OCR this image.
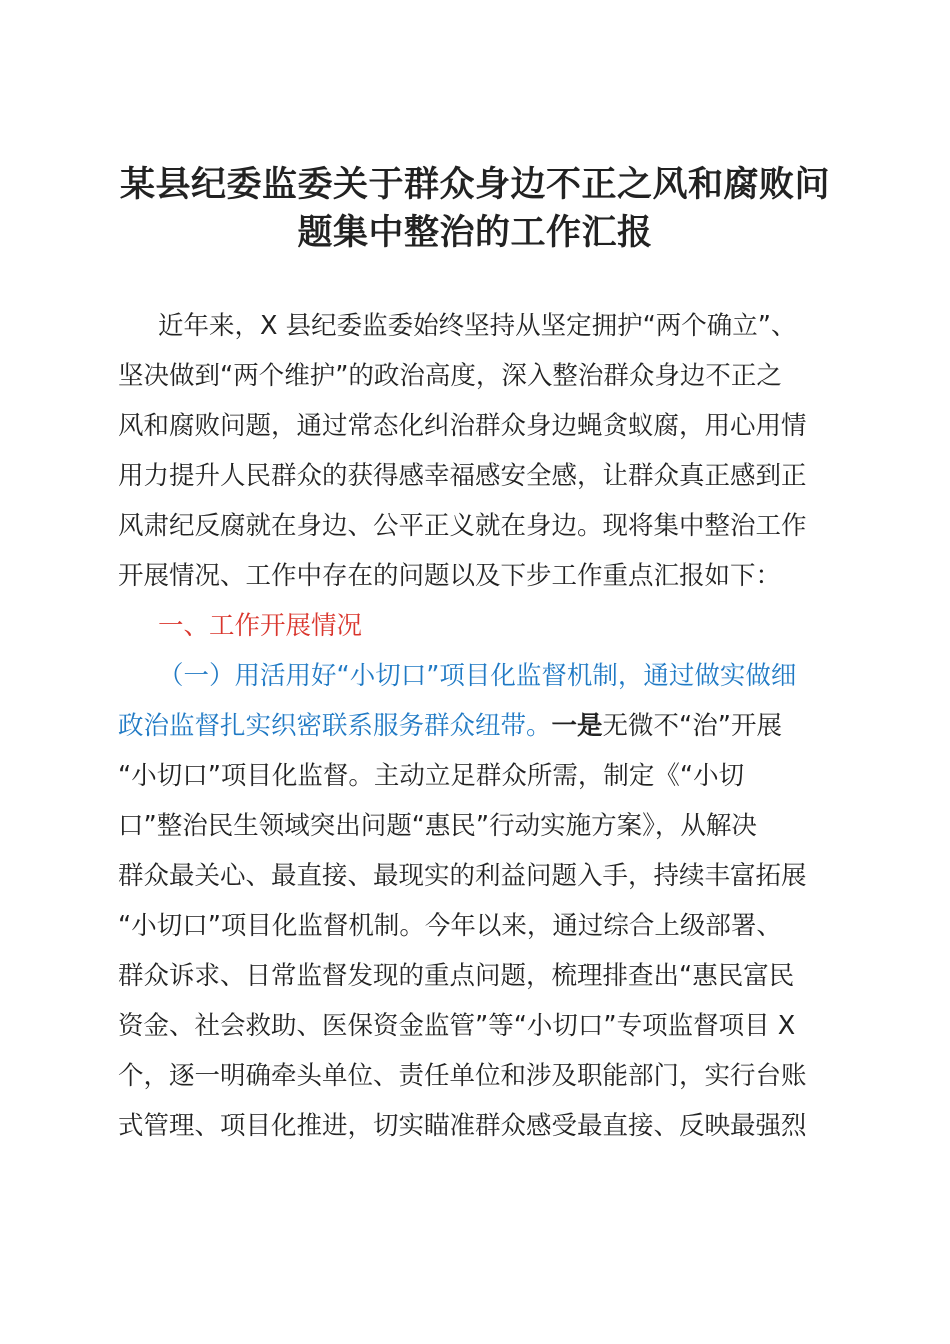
某县纪委监委关于群众身边不正之风和腐败问
题集中整治的工作汇报
近年来，X 县纪委监委始终坚持从坚定拥护“两个确立”、
坚决做到“两个维护”的政治高度，深入整治群众身边不正之
风和腐败问题，通过常态化纠治群众身边蝇贪蚁腐，用心用情
用力提升人民群众的获得感幸福感安全感，让群众真正感到正
风肃纪反腐就在身边、公平正义就在身边。现将集中整治工作
开展情况、工作中存在的问题以及下步工作重点汇报如下：
一、工作开展情况
（一）用活用好“小切口”项目化监督机制，通过做实做细
政治监督扎实织密联系服务群众纽带。一是无微不“治”开展
“小切口”项目化监督。主动立足群众所需，制定《“小切
口”整治民生领域突出问题“惠民”行动实施方案》，从解决
群众最关心、最直接、最现实的利益问题入手，持续丰富拓展
“小切口”项目化监督机制。今年以来，通过综合上级部署、
群众诉求、日常监督发现的重点问题，梳理排查出“惠民富民
资金、社会救助、医保资金监管”等“小切口”专项监督项目 X
个，逐一明确牵头单位、责任单位和涉及职能部门，实行台账
式管理、项目化推进，切实瞄准群众感受最直接、反映最强烈
